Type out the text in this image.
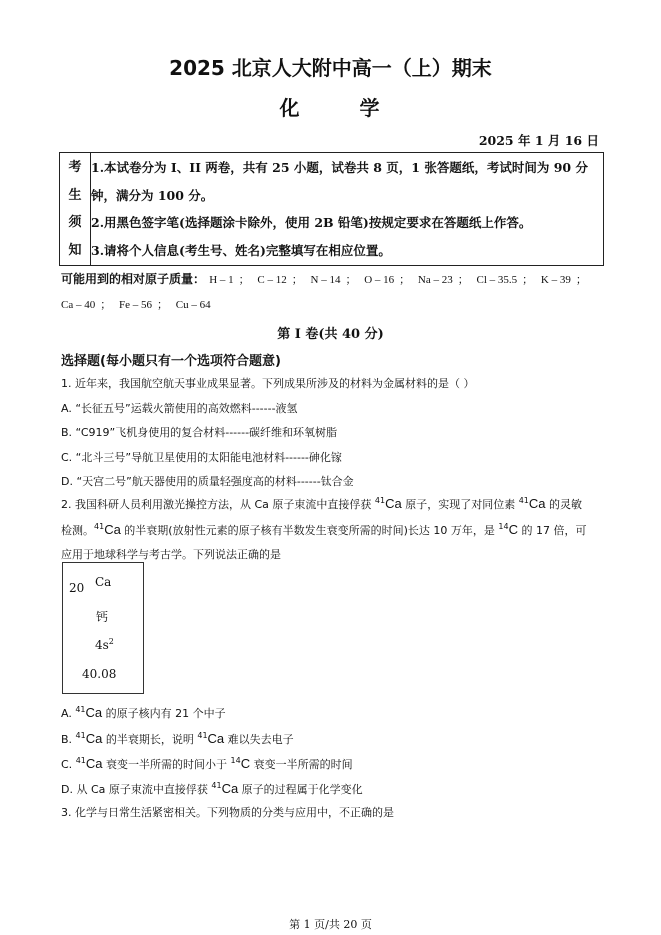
2025 北京人大附中高一（上）期末
化	学
2025 年 1 月 16 日
考
生
须
知

1.本试卷分为 I、II 两卷，共有 25 小题，试卷共 8 页，1 张答题纸，考试时间为 90 分
钟，满分为 100 分。
2.用黑色签字笔(选择题涂卡除外，使用 2B 铅笔)按规定要求在答题纸上作答。
3.请将个人信息(考生号、姓名)完整填写在相应位置。
可能用到的相对原子质量： H – 1 ； C – 12 ； N – 14 ； O – 16 ； Na – 23 ； Cl – 35.5 ； K – 39 ；
Ca – 40 ； Fe – 56 ； Cu – 64
第 I 卷(共 40 分)
选择题(每小题只有一个选项符合题意)
1. 近年来，我国航空航天事业成果显著。下列成果所涉及的材料为金属材料的是（ ）
A. “长征五号”运载火箭使用的高效燃料------液氢
B. “C919”飞机身使用的复合材料------碳纤维和环氧树脂
C. “北斗三号”导航卫星使用的太阳能电池材料------砷化镓
D. “天宫二号”航天器使用的质量轻强度高的材料------钛合金
2. 我国科研人员利用激光操控方法，从 Ca 原子束流中直接俘获 $^{41}$Ca 原子，实现了对同位素 $^{41}$Ca 的灵敏
检测。$^{41}$Ca 的半衰期(放射性元素的原子核有半数发生衰变所需的时间)长达 10 万年，是 $^{14}$C 的 17 倍，可
应用于地球科学与考古学。下列说法正确的是
20 Ca
钙
$4s^2$
40.08
A. $^{41}$Ca 的原子核内有 21 个中子
B. $^{41}$Ca 的半衰期长，说明 $^{41}$Ca 难以失去电子
C. $^{41}$Ca 衰变一半所需的时间小于 $^{14}$C 衰变一半所需的时间
D. 从 Ca 原子束流中直接俘获 $^{41}$Ca 原子的过程属于化学变化
3. 化学与日常生活紧密相关。下列物质的分类与应用中，不正确的是
第 1 页/共 20 页
